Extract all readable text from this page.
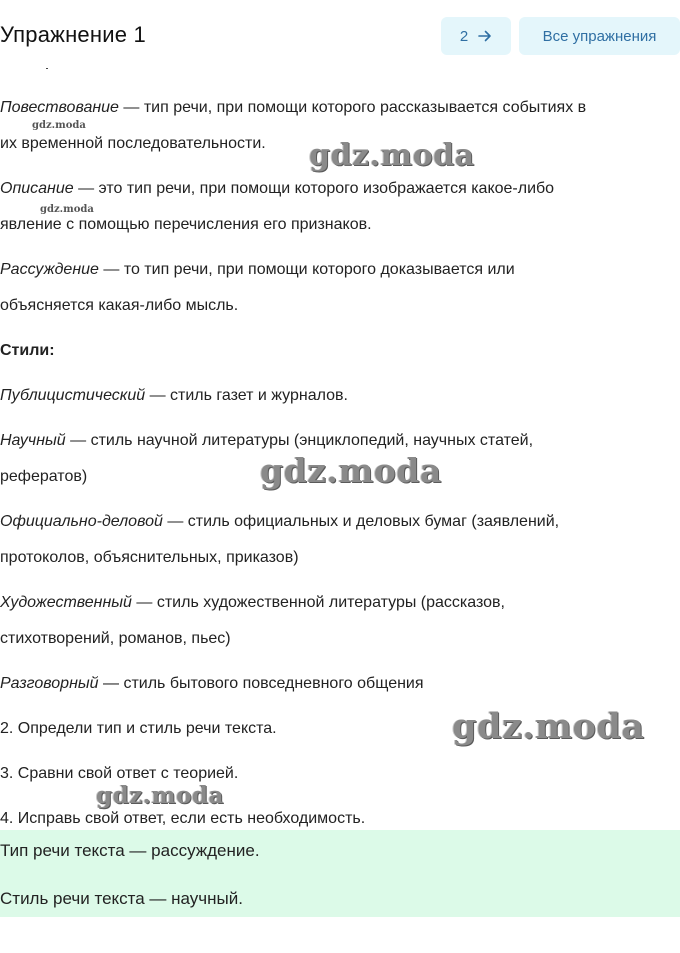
Упражнение 1	2	Все упражнения
Повествование — тип речи, при помощи которого рассказывается событиях в
их временной последовательности.
Описание — это тип речи, при помощи которого изображается какое-либо
явление с помощью перечисления его признаков.
Рассуждение — то тип речи, при помощи которого доказывается или
объясняется какая-либо мысль.
Стили:
Публицистический — стиль газет и журналов.
Научный — стиль научной литературы (энциклопедий, научных статей,
рефератов)
Официально-деловой — стиль официальных и деловых бумаг (заявлений,
протоколов, объяснительных, приказов)
Художественный — стиль художественной литературы (рассказов,
стихотворений, романов, пьес)
Разговорный — стиль бытового повседневного общения
2. Определи тип и стиль речи текста.
3. Сравни свой ответ с теорией.
4. Исправь свой ответ, если есть необходимость.
Тип речи текста — рассуждение.
Стиль речи текста — научный.
gdz.moda
gdz.moda
gdz.moda
gdz.moda
gdz.moda
gdz.moda
